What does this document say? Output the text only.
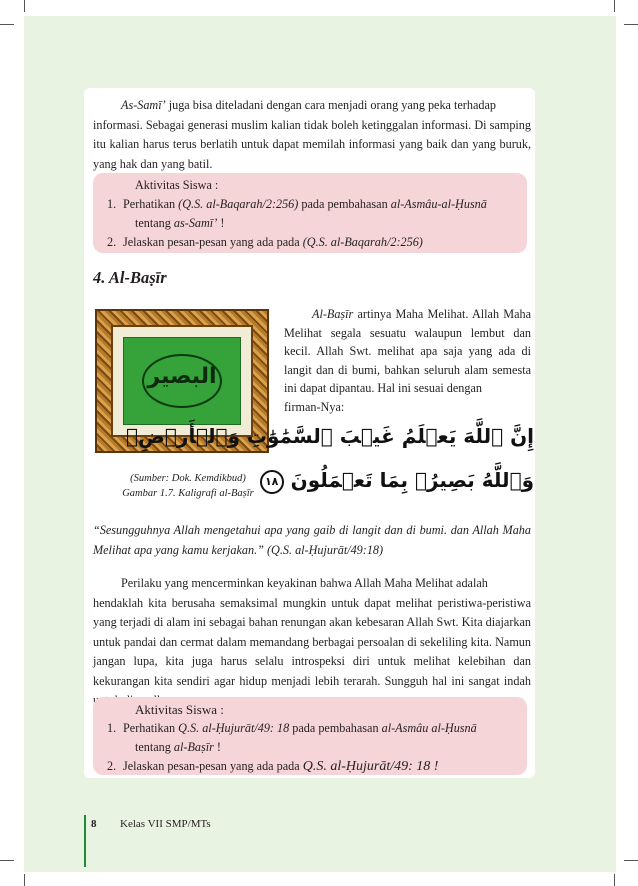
As-Samī’ juga bisa diteladani dengan cara menjadi orang yang peka terhadap
informasi. Sebagai generasi muslim kalian tidak boleh ketinggalan informasi. Di samping itu kalian harus terus berlatih untuk dapat memilah informasi yang baik dan yang buruk, yang hak dan yang batil.

Aktivitas Siswa :
1. Perhatikan (Q.S. al-Baqarah/2:256) pada pembahasan al-Asmâu-al-Ḥusnā
tentang as-Samī’ !
2. Jelaskan pesan-pesan yang ada pada (Q.S. al-Baqarah/2:256)
4. Al-Baṣīr
البصير
(Sumber: Dok. Kemdikbud)
Gambar 1.7. Kaligrafi al-Baṣīr
Al-Baṣīr artinya Maha Melihat. Allah Maha
Melihat segala sesuatu walaupun lembut dan
kecil. Allah Swt. melihat apa saja yang ada di
langit dan di bumi, bahkan seluruh alam semesta
ini dapat dipantau. Hal ini sesuai dengan
firman-Nya:
إِنَّ ٱللَّهَ يَعۡلَمُ غَيۡبَ ٱلسَّمَٰوَٰتِ وَٱلۡأَرۡضِۚ
وَٱللَّهُ بَصِيرُۢ بِمَا تَعۡمَلُونَ ١٨
“Sesungguhnya Allah mengetahui apa yang gaib di langit dan di bumi. dan Allah Maha Melihat apa yang kamu kerjakan.” (Q.S. al-Ḥujurāt/49:18)

Perilaku yang mencerminkan keyakinan bahwa Allah Maha Melihat adalah
hendaklah kita berusaha semaksimal mungkin untuk dapat melihat peristiwa-peristiwa yang terjadi di alam ini sebagai bahan renungan akan kebesaran Allah Swt. Kita diajarkan untuk pandai dan cermat dalam memandang berbagai persoalan di sekeliling kita. Namun jangan lupa, kita juga harus selalu introspeksi diri untuk melihat kelebihan dan kekurangan kita sendiri agar hidup menjadi lebih terarah. Sungguh hal ini sangat indah

Aktivitas Siswa :
1. Perhatikan Q.S. al-Ḥujurāt/49: 18 pada pembahasan al-Asmâu al-Ḥusnā
tentang al-Baṣīr !
2. Jelaskan pesan-pesan yang ada pada Q.S. al-Ḥujurāt/49: 18 !
8 Kelas VII SMP/MTs
